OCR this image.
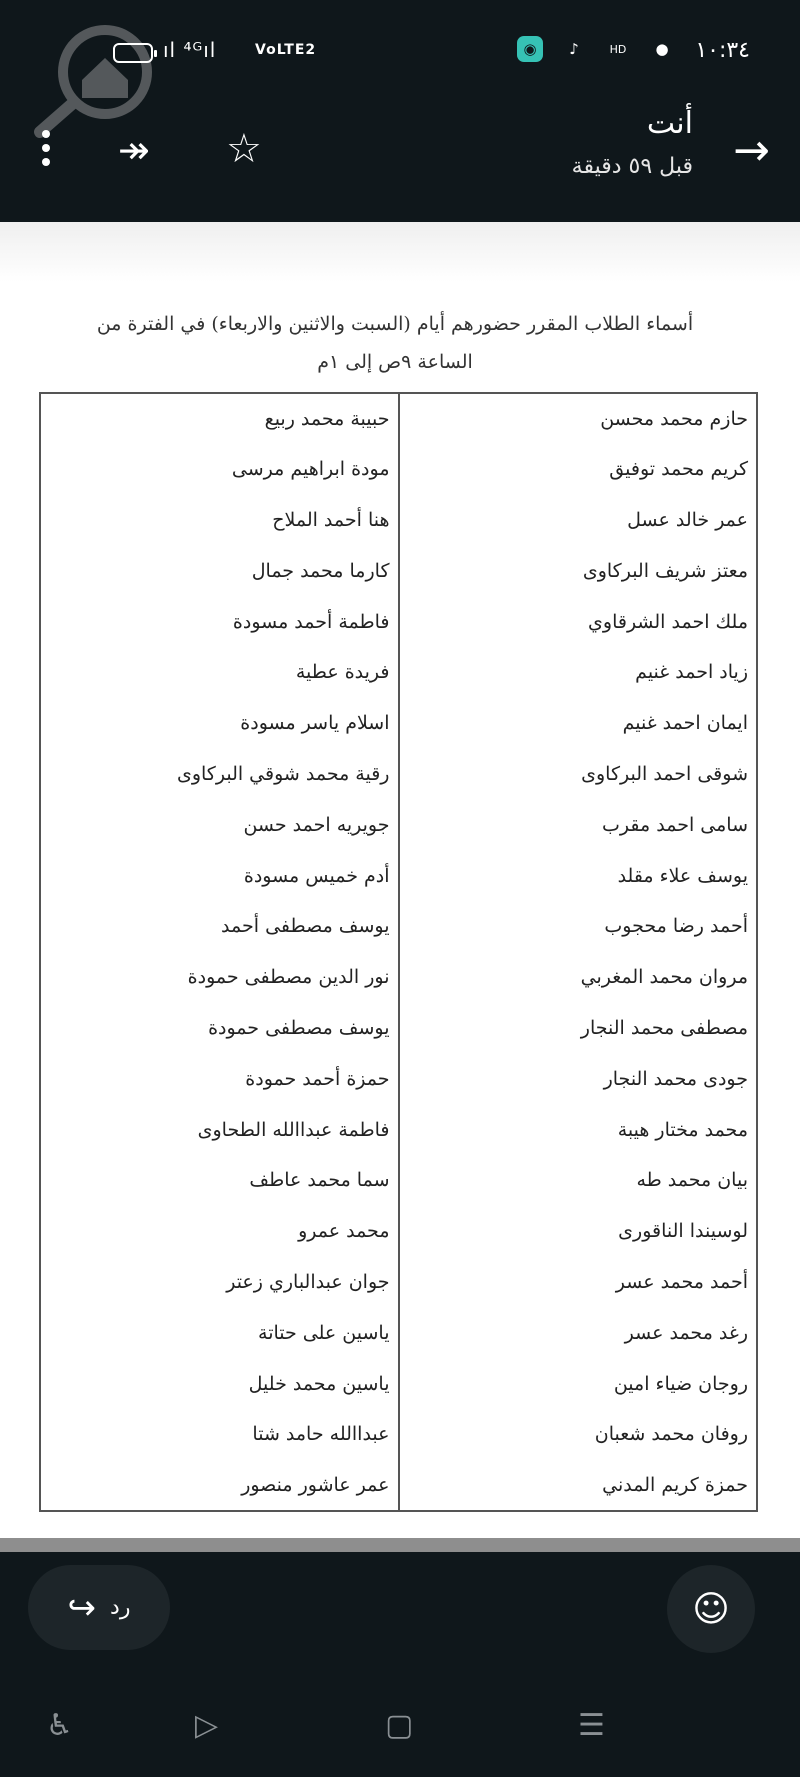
ıl ⁴ᴳıl	VoLTE2	◉	♪	HD	● ١٠:٣٤
↠ ☆
أنت
قبل ٥٩ دقيقة →
أسماء الطلاب المقرر حضورهم أيام (السبت والاثنين والاربعاء) في الفترة من
الساعة ٩ص إلى ١م
حازم محمد محسن	حبيبة محمد ربيع
كريم محمد توفيق	مودة ابراهيم مرسى
عمر خالد عسل	هنا أحمد الملاح
معتز شريف البركاوى	كارما محمد جمال
ملك احمد الشرقاوي	فاطمة أحمد مسودة
زياد احمد غنيم	فريدة عطية
ايمان احمد غنيم	اسلام ياسر مسودة
شوقى احمد البركاوى	رقية محمد شوقي البركاوى
سامى احمد مقرب	جويريه احمد حسن
يوسف علاء مقلد	أدم خميس مسودة
أحمد رضا محجوب	يوسف مصطفى أحمد
مروان محمد المغربي	نور الدين مصطفى حمودة
مصطفى محمد النجار	يوسف مصطفى حمودة
جودى محمد النجار	حمزة أحمد حمودة
محمد مختار هيبة	فاطمة عبداالله الطحاوى
بيان محمد طه	سما محمد عاطف
لوسيندا الناقورى	محمد عمرو
أحمد محمد عسر	جوان عبدالباري زعتر
رغد محمد عسر	ياسين على حتاتة
روجان ضياء امين	ياسين محمد خليل
روفان محمد شعبان	عبداالله حامد شتا
حمزة كريم المدني	عمر عاشور منصور
↪ رد	☺
♿	▷	▢	☰
